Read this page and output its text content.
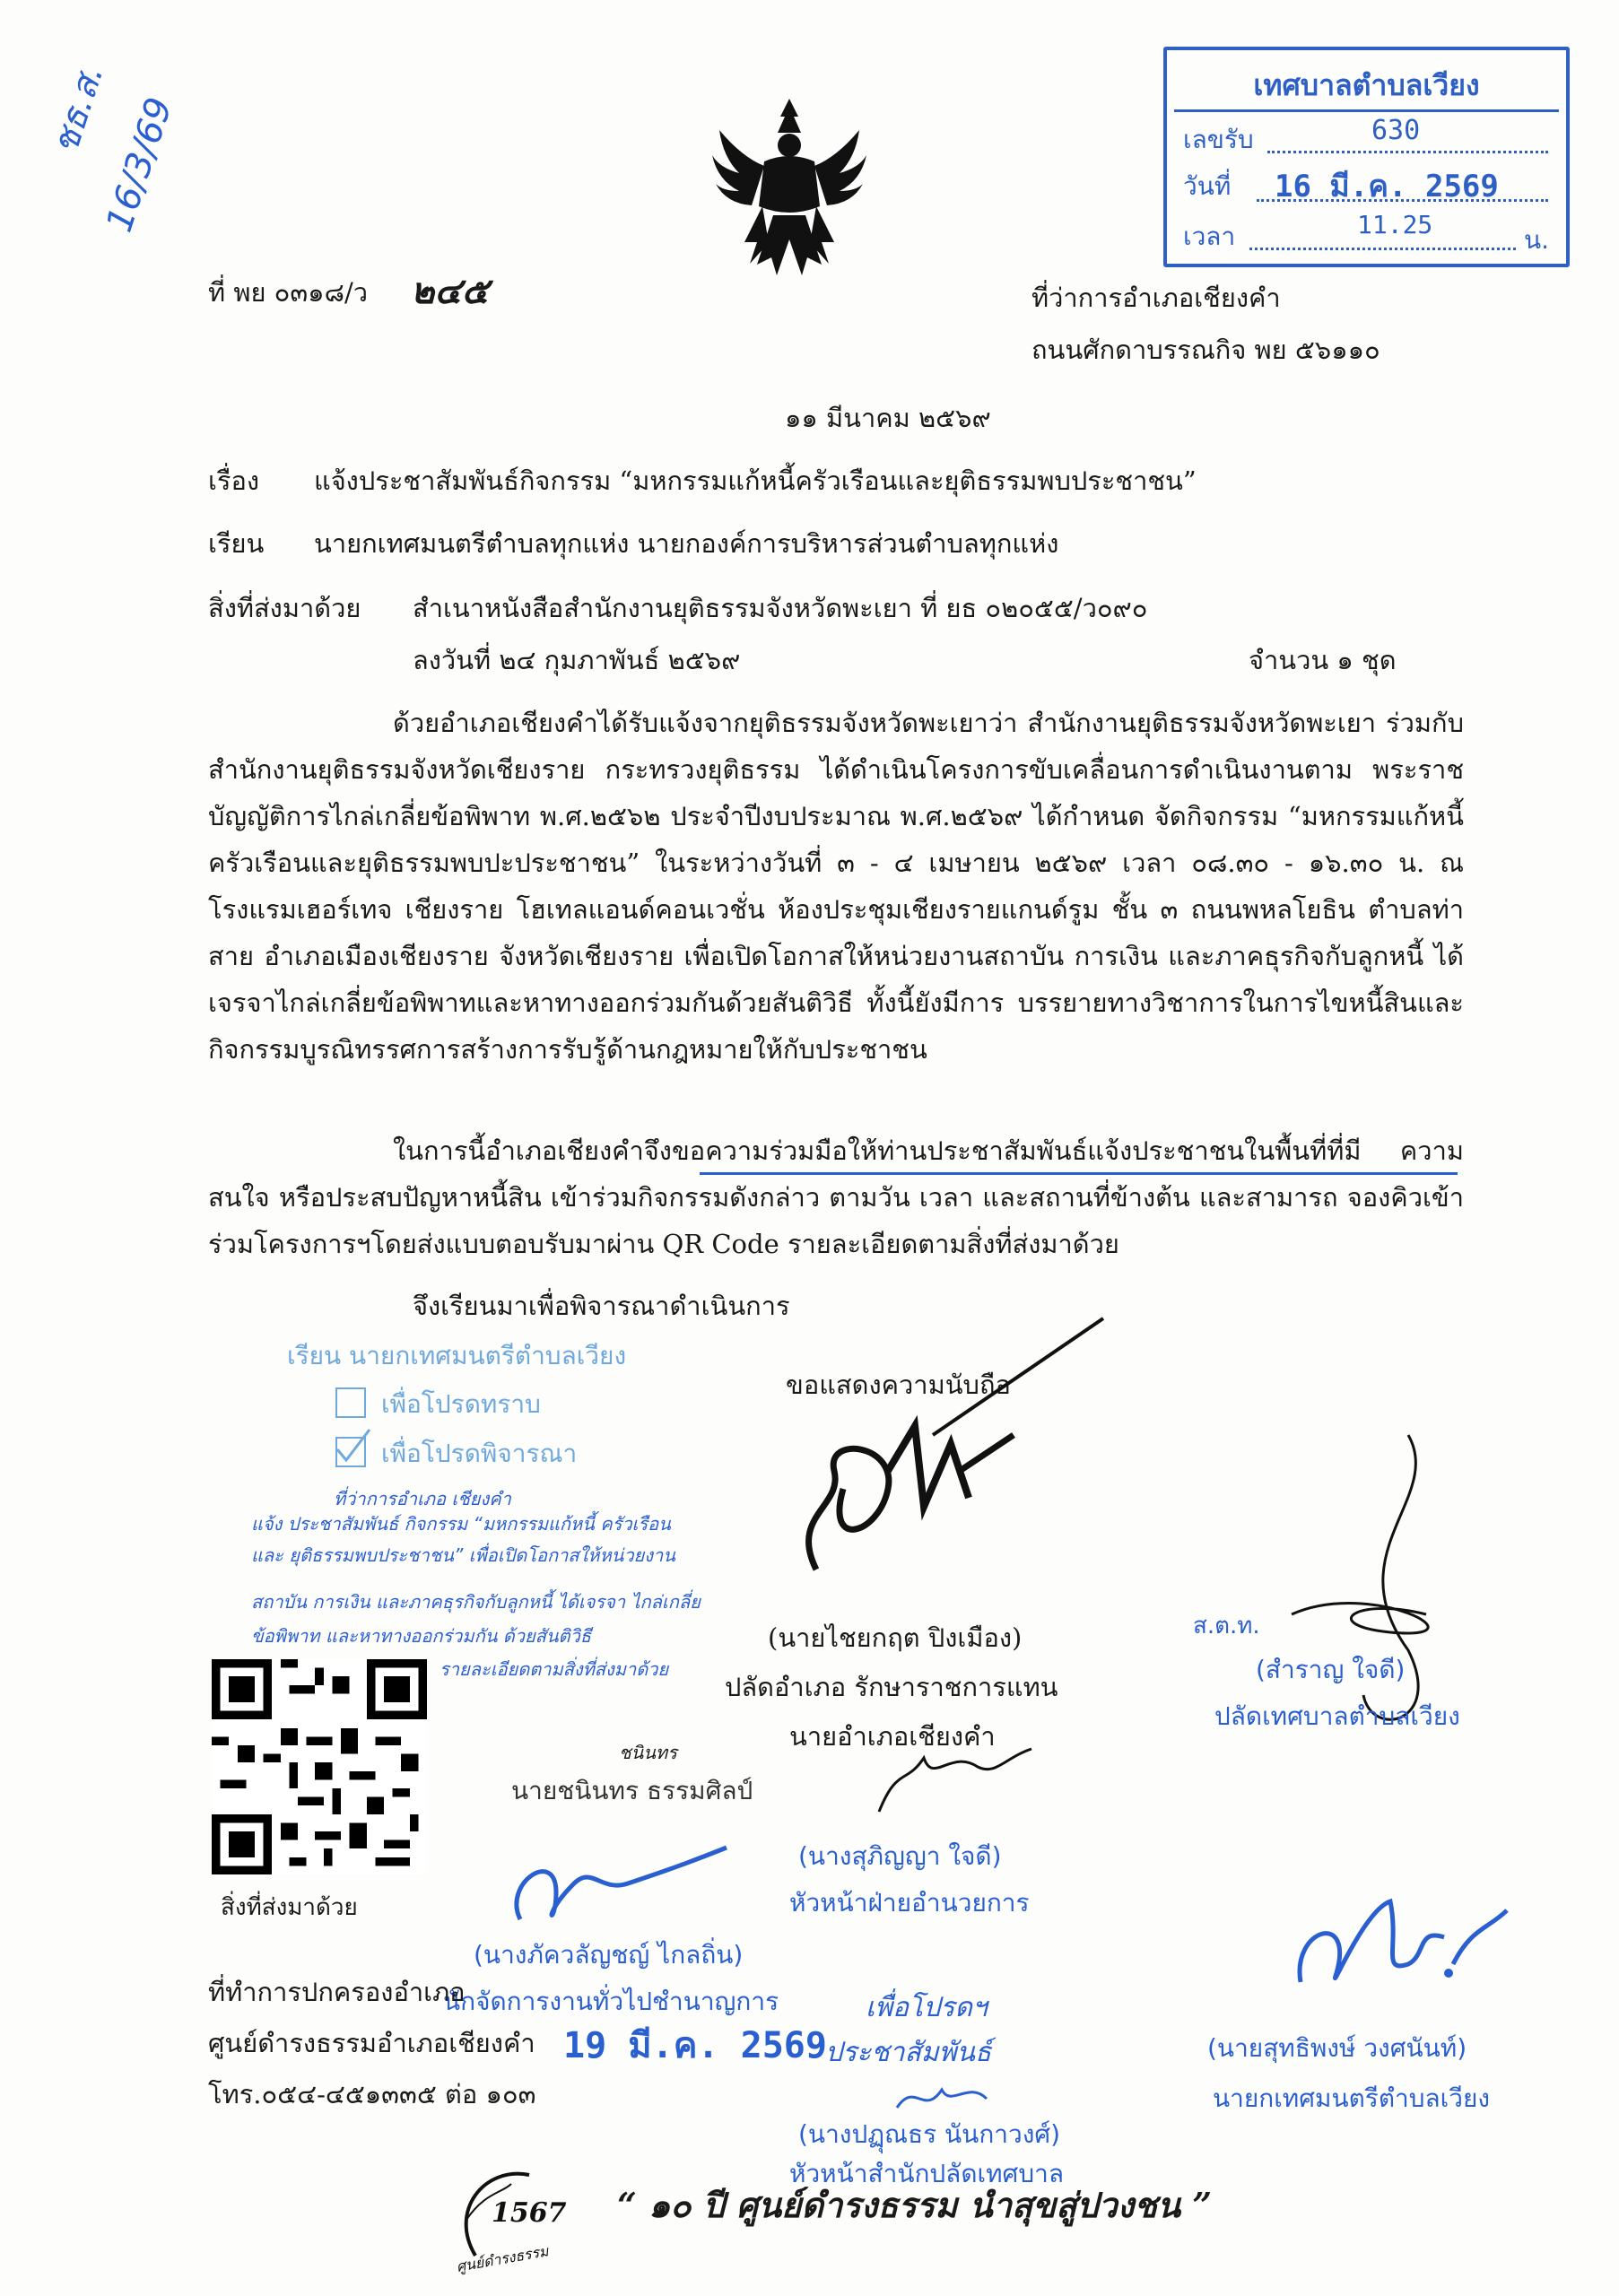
ชธ.ส.
16/3/69
เทศบาลตำบลเวียง
เลขรับ	630
วันที่ 16 มี.ค. 2569
เวลา	11.25
น.
ที่ พย ๐๓๑๘/ว ๒๔๕	ที่ว่าการอำเภอเชียงคำ
ถนนศักดาบรรณกิจ พย ๕๖๑๑๐
๑๑ มีนาคม ๒๕๖๙
เรื่อง แจ้งประชาสัมพันธ์กิจกรรม “มหกรรมแก้หนี้ครัวเรือนและยุติธรรมพบประชาชน”
เรียน นายกเทศมนตรีตำบลทุกแห่ง นายกองค์การบริหารส่วนตำบลทุกแห่ง
สิ่งที่ส่งมาด้วย สำเนาหนังสือสำนักงานยุติธรรมจังหวัดพะเยา ที่ ยธ ๐๒๐๕๕/ว๐๙๐
ลงวันที่ ๒๔ กุมภาพันธ์ ๒๕๖๙	จำนวน ๑ ชุด
ด้วยอำเภอเชียงคำได้รับแจ้งจากยุติธรรมจังหวัดพะเยาว่า สำนักงานยุติธรรมจังหวัดพะเยา ร่วมกับสำนักงานยุติธรรมจังหวัดเชียงราย กระทรวงยุติธรรม ได้ดำเนินโครงการขับเคลื่อนการดำเนินงานตาม พระราชบัญญัติการไกล่เกลี่ยข้อพิพาท พ.ศ.๒๕๖๒ ประจำปีงบประมาณ พ.ศ.๒๕๖๙ ได้กำหนด จัดกิจกรรม “มหกรรมแก้หนี้ครัวเรือนและยุติธรรมพบปะประชาชน” ในระหว่างวันที่ ๓ - ๔ เมษายน ๒๕๖๙ เวลา ๐๘.๓๐ - ๑๖.๓๐ น. ณ โรงแรมเฮอร์เทจ เชียงราย โฮเทลแอนด์คอนเวชั่น ห้องประชุมเชียงรายแกนด์รูม ชั้น ๓ ถนนพหลโยธิน ตำบลท่าสาย อำเภอเมืองเชียงราย จังหวัดเชียงราย เพื่อเปิดโอกาสให้หน่วยงานสถาบัน การเงิน และภาคธุรกิจกับลูกหนี้ ได้เจรจาไกล่เกลี่ยข้อพิพาทและหาทางออกร่วมกันด้วยสันติวิธี ทั้งนี้ยังมีการ บรรยายทางวิชาการในการไขหนี้สินและกิจกรรมบูรณิทรรศการสร้างการรับรู้ด้านกฎหมายให้กับประชาชน
ในการนี้อำเภอเชียงคำจึงขอความร่วมมือให้ท่านประชาสัมพันธ์แจ้งประชาชนในพื้นที่ที่มี ความสนใจ หรือประสบปัญหาหนี้สิน เข้าร่วมกิจกรรมดังกล่าว ตามวัน เวลา และสถานที่ข้างต้น และสามารถ จองคิวเข้าร่วมโครงการฯโดยส่งแบบตอบรับมาผ่าน QR Code รายละเอียดตามสิ่งที่ส่งมาด้วย
จึงเรียนมาเพื่อพิจารณาดำเนินการ
เรียน นายกเทศมนตรีตำบลเวียง
เพื่อโปรดทราบ
เพื่อโปรดพิจารณา
ที่ว่าการอำเภอ เชียงคำ
แจ้ง ประชาสัมพันธ์ กิจกรรม “มหกรรมแก้หนี้ ครัวเรือน
และ ยุติธรรมพบประชาชน” เพื่อเปิดโอกาสให้หน่วยงาน
สถาบัน การเงิน และภาคธุรกิจกับลูกหนี้ ได้เจรจา ไกล่เกลี่ย
ข้อพิพาท และหาทางออกร่วมกัน ด้วยสันติวิธี
รายละเอียดตามสิ่งที่ส่งมาด้วย
ขอแสดงความนับถือ
(นายไชยกฤต ปิงเมือง)
ปลัดอำเภอ รักษาราชการแทน
นายอำเภอเชียงคำ
ส.ต.ท.
(สำราญ ใจดี)
ปลัดเทศบาลตำบลเวียง
สิ่งที่ส่งมาด้วย
ชนินทร
นายชนินทร ธรรมศิลป์
(นางสุภิญญา ใจดี)
หัวหน้าฝ่ายอำนวยการ
(นางภัควลัญชญ์ ไกลถิ่น)
นักจัดการงานทั่วไปชำนาญการ	เพื่อโปรดฯ
ประชาสัมพันธ์
(นางปฏุณธร นันกาวงศ์)
หัวหน้าสำนักปลัดเทศบาล
(นายสุทธิพงษ์ วงศนันท์)
นายกเทศมนตรีตำบลเวียง
ที่ทำการปกครองอำเภอ
ศูนย์ดำรงธรรมอำเภอเชียงคำ
โทร.๐๕๔-๔๕๑๓๓๕ ต่อ ๑๐๓
19 มี.ค. 2569
1567
ศูนย์ดำรงธรรม
“ ๑๐ ปี ศูนย์ดำรงธรรม นำสุขสู่ปวงชน ”
